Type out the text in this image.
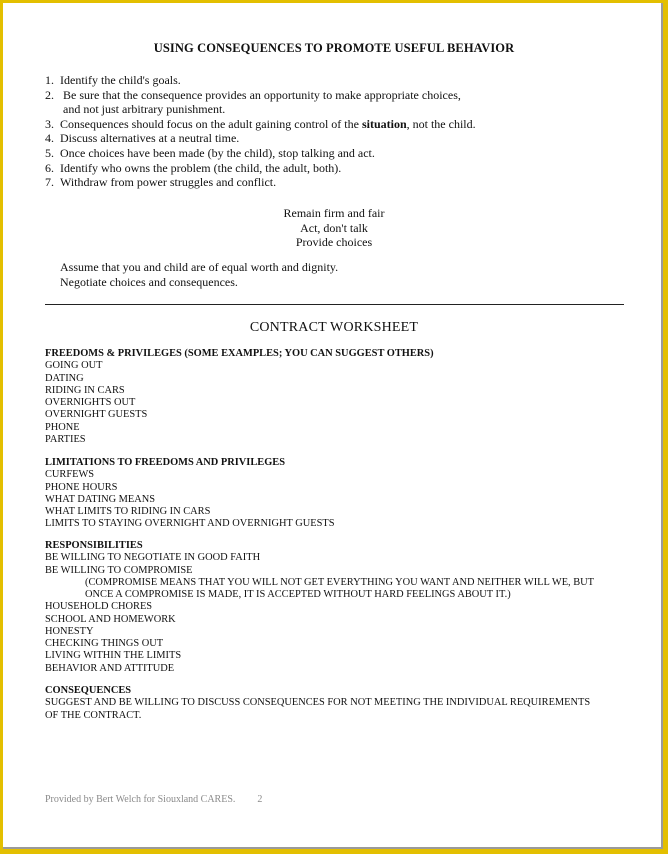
USING CONSEQUENCES TO PROMOTE USEFUL BEHAVIOR
1. Identify the child's goals.
2. Be sure that the consequence provides an opportunity to make appropriate choices,
and not just arbitrary punishment.
3. Consequences should focus on the adult gaining control of the situation, not the child.
4. Discuss alternatives at a neutral time.
5. Once choices have been made (by the child), stop talking and act.
6. Identify who owns the problem (the child, the adult, both).
7. Withdraw from power struggles and conflict.
Remain firm and fair
Act, don't talk
Provide choices
Assume that you and child are of equal worth and dignity.
Negotiate choices and consequences.
CONTRACT WORKSHEET
FREEDOMS & PRIVILEGES (SOME EXAMPLES; YOU CAN SUGGEST OTHERS)
GOING OUT
DATING
RIDING IN CARS
OVERNIGHTS OUT
OVERNIGHT GUESTS
PHONE
PARTIES
LIMITATIONS TO FREEDOMS AND PRIVILEGES
CURFEWS
PHONE HOURS
WHAT DATING MEANS
WHAT LIMITS TO RIDING IN CARS
LIMITS TO STAYING OVERNIGHT AND OVERNIGHT GUESTS
RESPONSIBILITIES
BE WILLING TO NEGOTIATE IN GOOD FAITH
BE WILLING TO COMPROMISE
(COMPROMISE MEANS THAT YOU WILL NOT GET EVERYTHING YOU WANT AND NEITHER WILL WE, BUT
ONCE A COMPROMISE IS MADE, IT IS ACCEPTED WITHOUT HARD FEELINGS ABOUT IT.)
HOUSEHOLD CHORES
SCHOOL AND HOMEWORK
HONESTY
CHECKING THINGS OUT
LIVING WITHIN THE LIMITS
BEHAVIOR AND ATTITUDE
CONSEQUENCES
SUGGEST AND BE WILLING TO DISCUSS CONSEQUENCES FOR NOT MEETING THE INDIVIDUAL REQUIREMENTS
OF THE CONTRACT.
Provided by Bert Welch for Siouxland CARES. 2
